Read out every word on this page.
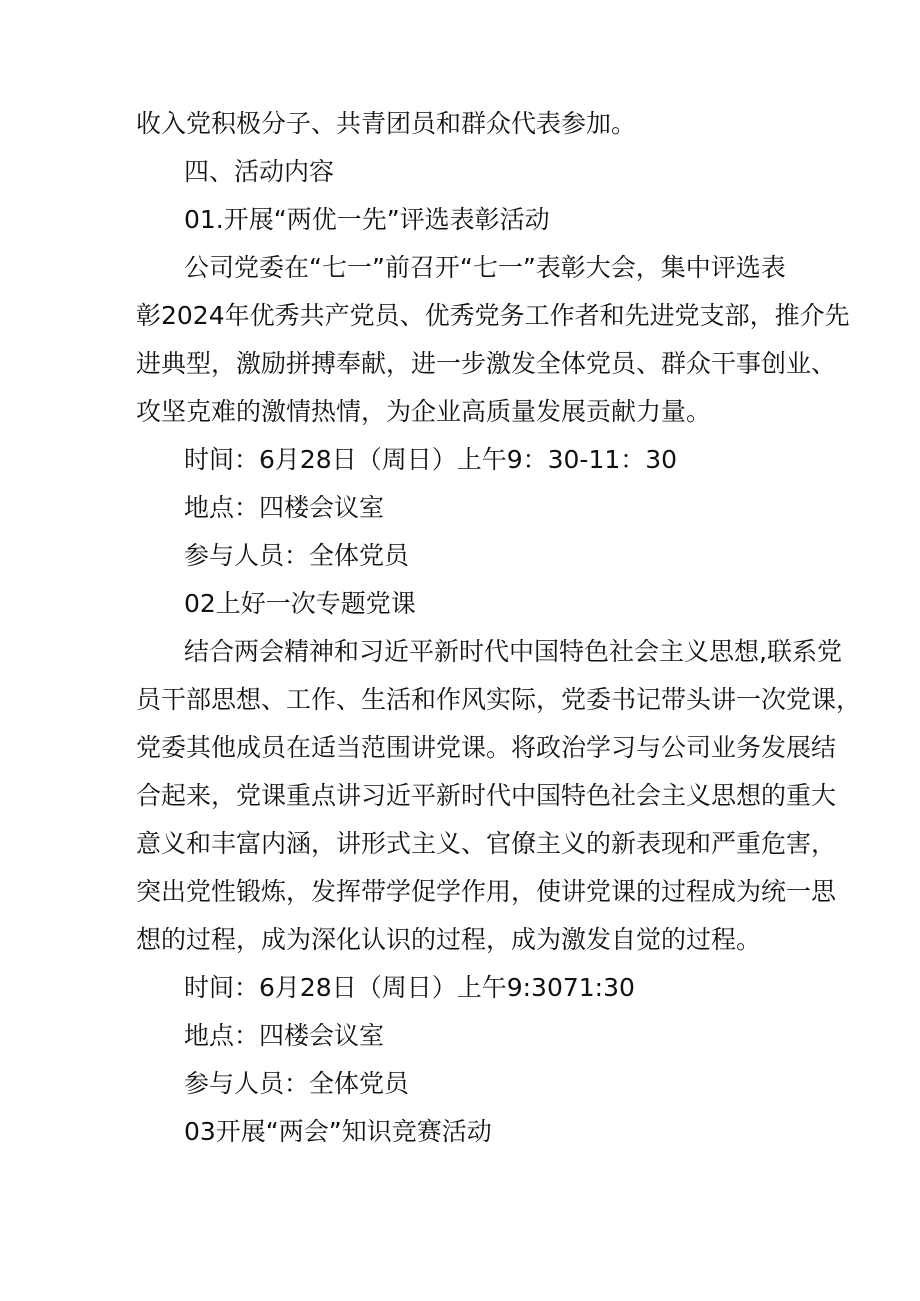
收入党积极分子、共青团员和群众代表参加。
四、活动内容
01.开展“两优一先”评选表彰活动
公司党委在“七一”前召开“七一”表彰大会，集中评选表
彰2024年优秀共产党员、优秀党务工作者和先进党支部，推介先
进典型，激励拼搏奉献，进一步激发全体党员、群众干事创业、
攻坚克难的激情热情，为企业高质量发展贡献力量。
时间：6月28日（周日）上午9：30-11：30
地点：四楼会议室
参与人员：全体党员
02上好一次专题党课
结合两会精神和习近平新时代中国特色社会主义思想,联系党
员干部思想、工作、生活和作风实际，党委书记带头讲一次党课，
党委其他成员在适当范围讲党课。将政治学习与公司业务发展结
合起来，党课重点讲习近平新时代中国特色社会主义思想的重大
意义和丰富内涵，讲形式主义、官僚主义的新表现和严重危害，
突出党性锻炼，发挥带学促学作用，使讲党课的过程成为统一思
想的过程，成为深化认识的过程，成为激发自觉的过程。
时间：6月28日（周日）上午9:3071:30
地点：四楼会议室
参与人员：全体党员
03开展“两会”知识竞赛活动
